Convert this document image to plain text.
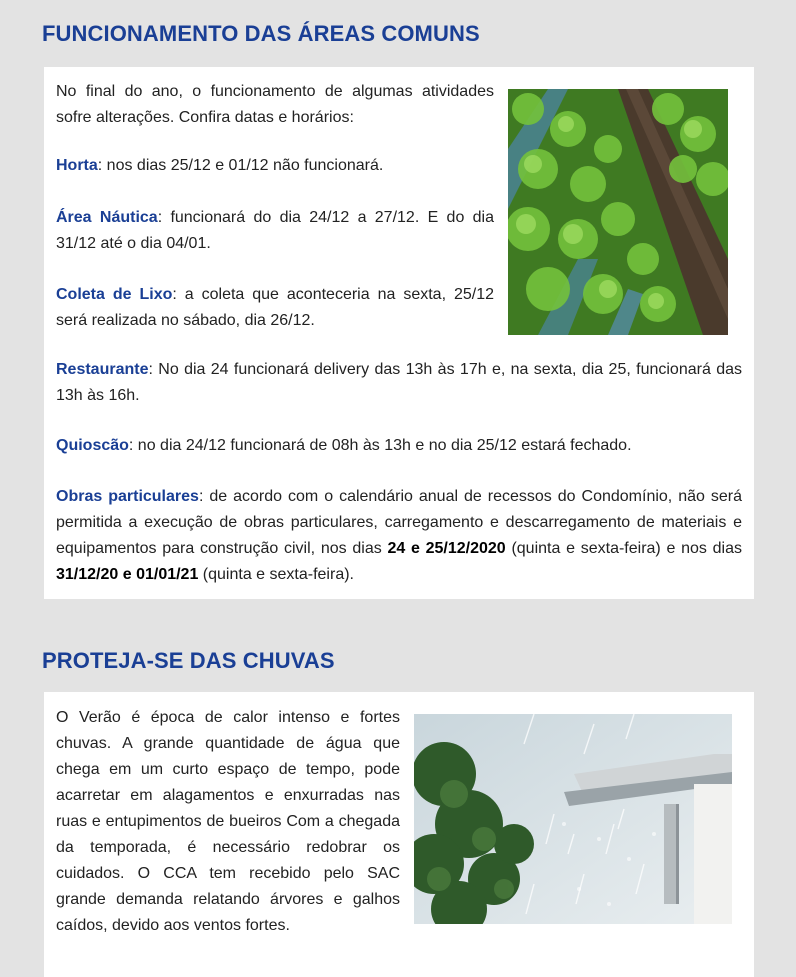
FUNCIONAMENTO DAS ÁREAS COMUNS

No final do ano, o funcionamento de algumas atividades sofre alterações. Confira datas e horários:

Horta: nos dias 25/12 e 01/12 não funcionará.

Área Náutica: funcionará do dia 24/12 a 27/12. E do dia 31/12 até o dia 04/01.

Coleta de Lixo: a coleta que aconteceria na sexta, 25/12 será realizada no sábado, dia 26/12.

Restaurante: No dia 24 funcionará delivery das 13h às 17h e, na sexta, dia 25, funcionará das 13h às 16h.

Quioscão: no dia 24/12 funcionará de 08h às 13h e no dia 25/12 estará fechado.

Obras particulares: de acordo com o calendário anual de recessos do Condomínio, não será permitida a execução de obras particulares, carregamento e descarregamento de materiais e equipamentos para construção civil, nos dias 24 e 25/12/2020 (quinta e sexta-feira) e nos dias 31/12/20 e 01/01/21 (quinta e sexta-feira).

PROTEJA-SE DAS CHUVAS

O Verão é época de calor intenso e fortes chuvas. A grande quantidade de água que chega em um curto espaço de tempo, pode acarretar em alagamentos e enxurradas nas ruas e entupimentos de bueiros Com a chegada da temporada, é necessário redobrar os cuidados. O CCA tem recebido pelo SAC grande demanda relatando árvores e galhos caídos, devido aos ventos fortes.
